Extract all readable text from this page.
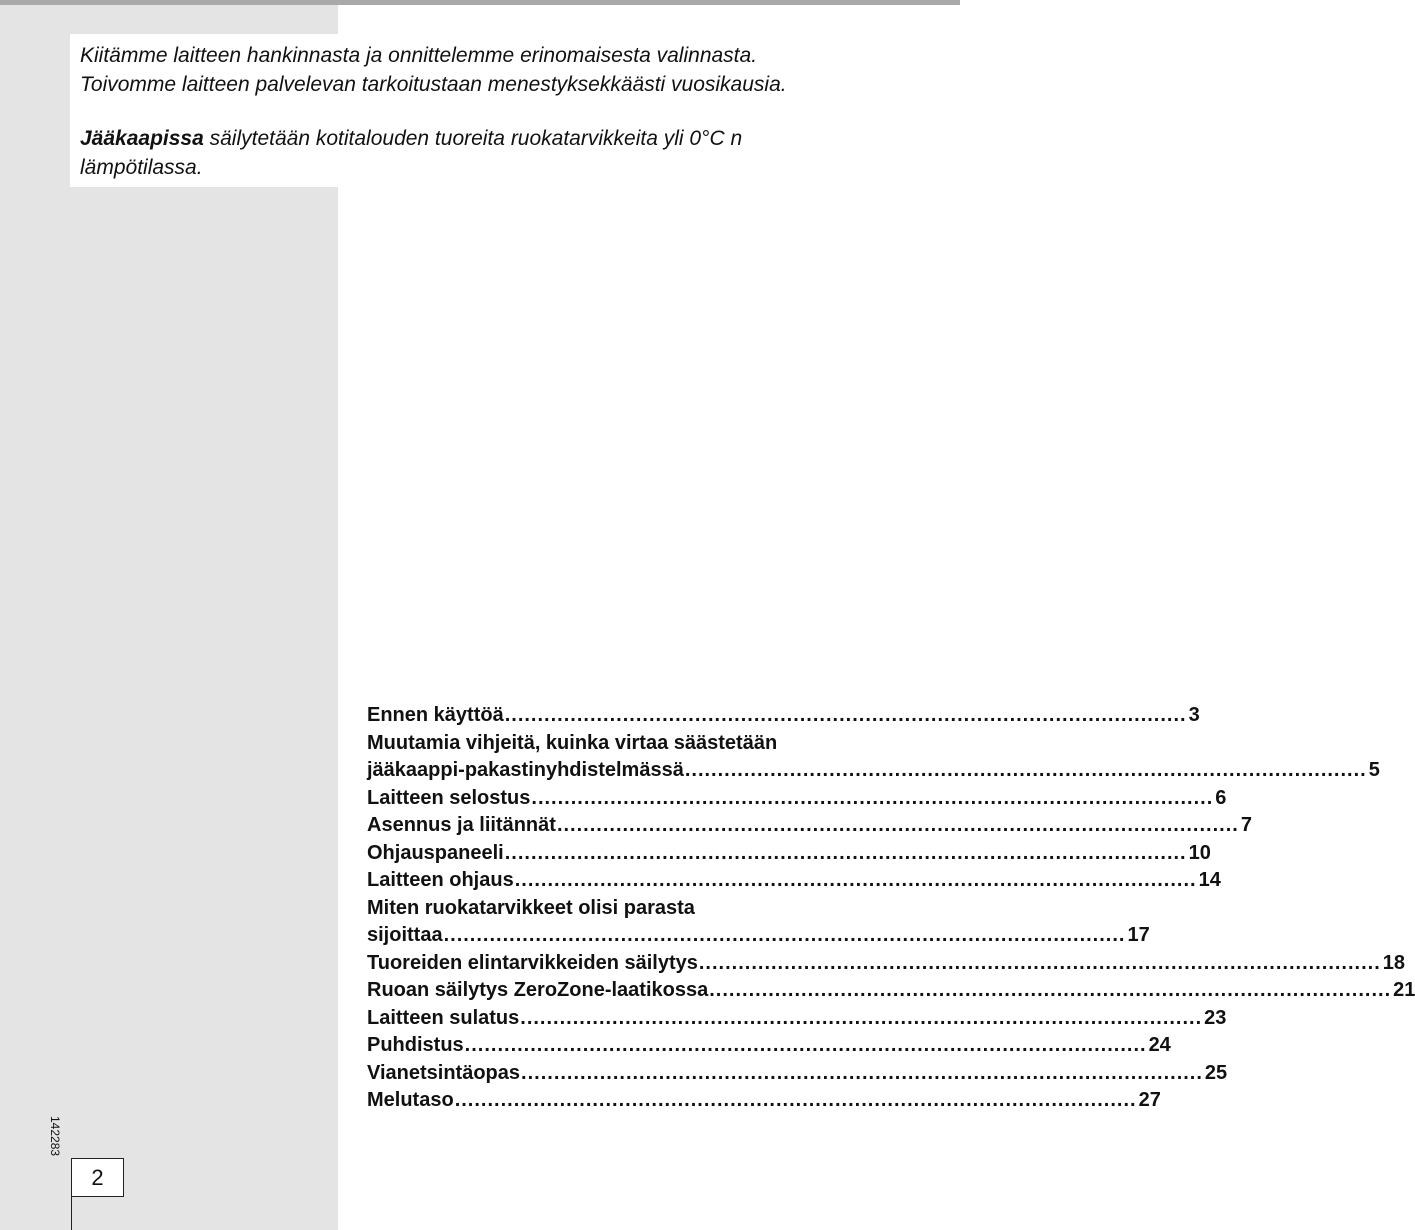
Kiitämme laitteen hankinnasta ja onnittelemme erinomaisesta valinnasta.
Toivomme laitteen palvelevan tarkoitustaan menestyksekkäästi vuosikausia.

Jääkaapissa säilytetään kotitalouden tuoreita ruokatarvikkeita yli 0°C n lämpötilassa.

Ennen käyttöä ........................................................................................................ 3
Muutamia vihjeitä, kuinka virtaa säästetään
jääkaappi-pakastinyhdistelmässä ........................................................................................................ 5
Laitteen selostus ........................................................................................................ 6
Asennus ja liitännät ........................................................................................................ 7
Ohjauspaneeli ........................................................................................................ 10
Laitteen ohjaus ........................................................................................................ 14
Miten ruokatarvikkeet olisi parasta
sijoittaa ........................................................................................................ 17
Tuoreiden elintarvikkeiden säilytys ........................................................................................................ 18
Ruoan säilytys ZeroZone-laatikossa ........................................................................................................ 21
Laitteen sulatus ........................................................................................................ 23
Puhdistus ........................................................................................................ 24
Vianetsintäopas ........................................................................................................ 25
Melutaso ........................................................................................................ 27
142283
2
